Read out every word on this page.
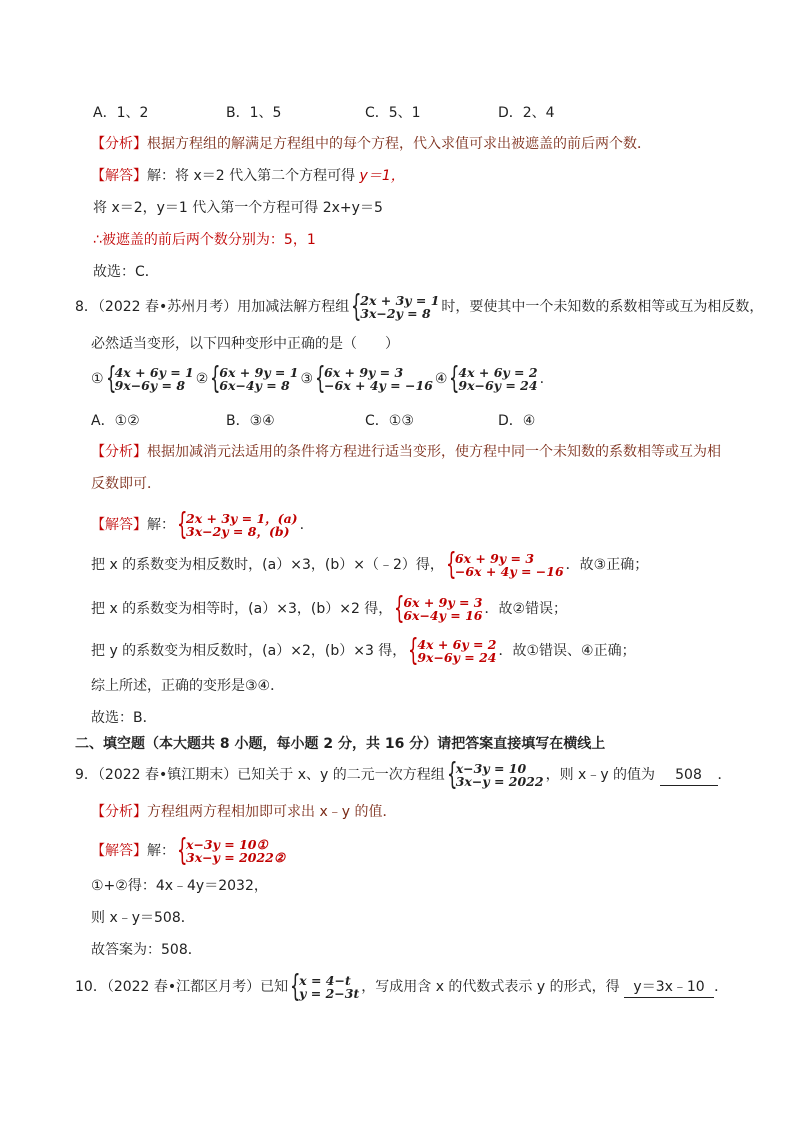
A．1、2	B．1、5	C．5、1	D．2、4
【分析】根据方程组的解满足方程组中的每个方程，代入求值可求出被遮盖的前后两个数．
【解答】解：将 x＝2 代入第二个方程可得 y＝1，
将 x＝2，y＝1 代入第一个方程可得 2x+y＝5
∴被遮盖的前后两个数分别为：5，1
故选：C．
8．（2022 春•苏州月考）用加减法解方程组 {
2x + 3y = 1
3x−2y = 8 时，要使其中一个未知数的系数相等或互为相反数，
必然适当变形，以下四种变形中正确的是（　　）
① {
4x + 6y = 1
9x−6y = 8 ② {
6x + 9y = 1
6x−4y = 8 ③ {
6x + 9y = 3
−6x + 4y = −16 ④ {
4x + 6y = 2
9x−6y = 24 .
A．①②	B．③④	C．①③	D．④
【分析】根据加减消元法适用的条件将方程进行适当变形，使方程中同一个未知数的系数相等或互为相
反数即可．
【解答】解： {
2x + 3y = 1，(a)
3x−2y = 8，(b) .
把 x 的系数变为相反数时，(a）×3，(b）×（﹣2）得， {
6x + 9y = 3
−6x + 4y = −16 ．故③正确；
把 x 的系数变为相等时，(a）×3，(b）×2 得， {
6x + 9y = 3
6x−4y = 16 ．故②错误；
把 y 的系数变为相反数时，(a）×2，(b）×3 得， {
4x + 6y = 2
9x−6y = 24 ．故①错误、④正确；
综上所述，正确的变形是③④．
故选：B．
二、填空题（本大题共 8 小题，每小题 2 分，共 16 分）请把答案直接填写在横线上
9．（2022 春•镇江期末）已知关于 x、y 的二元一次方程组 {
x−3y = 10
3x−y = 2022 ，则 x﹣y 的值为 508 ．
【分析】方程组两方程相加即可求出 x﹣y 的值．
【解答】解： {
x−3y = 10①
3x−y = 2022②
①+②得：4x﹣4y＝2032，
则 x﹣y＝508．
故答案为：508．
10．（2022 春•江都区月考）已知 {
x = 4−t
y = 2−3t ，写成用含 x 的代数式表示 y 的形式，得 y＝3x﹣10 ．
